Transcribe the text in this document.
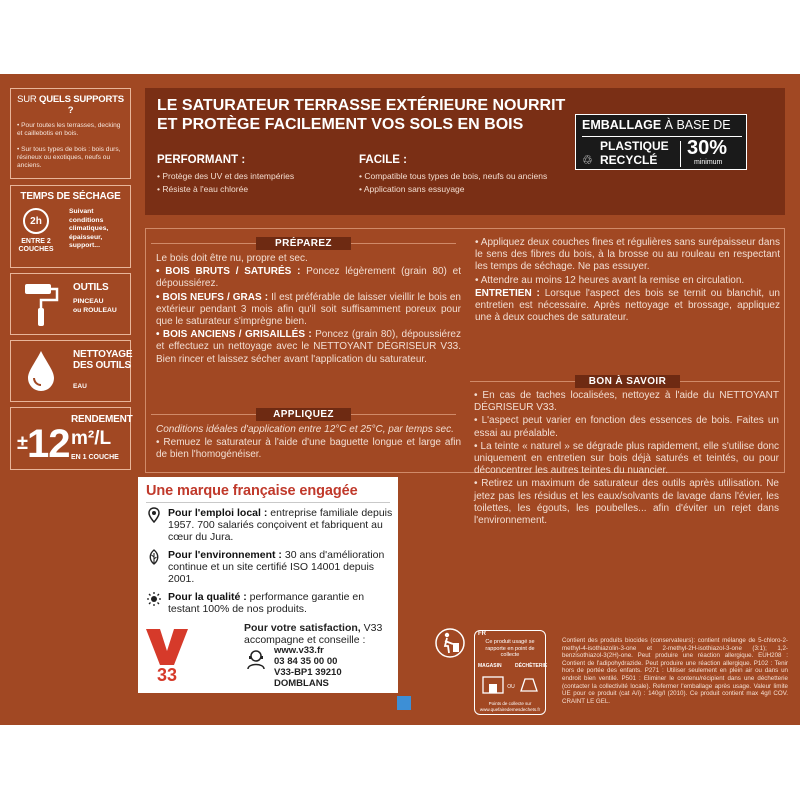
SUR QUELS SUPPORTS ?
• Pour toutes les terrasses, decking et caillebotis en bois.
• Sur tous types de bois : bois durs, résineux ou exotiques, neufs ou anciens.
TEMPS DE SÉCHAGE
2h
ENTRE 2 COUCHES
Suivant conditions climatiques, épaisseur, support...
OUTILS
PINCEAU
ou ROULEAU
NETTOYAGE
DES OUTILS
EAU
±12
RENDEMENT
m²/L
EN 1 COUCHE
LE SATURATEUR TERRASSE EXTÉRIEURE NOURRIT
ET PROTÈGE FACILEMENT VOS SOLS EN BOIS
PERFORMANT :
• Protège des UV et des intempéries
• Résiste à l'eau chlorée
FACILE :
• Compatible tous types de bois, neufs ou anciens
• Application sans essuyage
EMBALLAGE À BASE DE
PLASTIQUE
RECYCLÉ
♲
30%
minimum
PRÉPAREZ

Le bois doit être nu, propre et sec.

• BOIS BRUTS / SATURÉS : Poncez légèrement (grain 80) et dépoussiérez.

• BOIS NEUFS / GRAS : Il est préférable de laisser vieillir le bois en extérieur pendant 3 mois afin qu'il soit suffisamment poreux pour que le saturateur s'imprègne bien.

• BOIS ANCIENS / GRISAILLÉS : Poncez (grain 80), dépoussiérez et effectuez un nettoyage avec le NETTOYANT DÉGRISEUR V33. Bien rincer et laissez sécher avant l'application du saturateur.

APPLIQUEZ

Conditions idéales d'application entre 12°C et 25°C, par temps sec.

• Remuez le saturateur à l'aide d'une baguette longue et large afin de bien l'homogénéiser.

• Appliquez deux couches fines et régulières sans surépaisseur dans le sens des fibres du bois, à la brosse ou au rouleau en respectant les temps de séchage. Ne pas essuyer.

• Attendre au moins 12 heures avant la remise en circulation.

ENTRETIEN : Lorsque l'aspect des bois se ternit ou blanchit, un entretien est nécessaire. Après nettoyage et brossage, appliquez une à deux couches de saturateur.

BON À SAVOIR

• En cas de taches localisées, nettoyez à l'aide du NETTOYANT DÉGRISEUR V33.

• L'aspect peut varier en fonction des essences de bois. Faites un essai au préalable.

• La teinte « naturel » se dégrade plus rapidement, elle s'utilise donc uniquement en entretien sur bois déjà saturés et teintés, ou pour déconcentrer les autres teintes du nuancier.

• Retirez un maximum de saturateur des outils après utilisation. Ne jetez pas les résidus et les eaux/solvants de lavage dans l'évier, les toilettes, les égouts, les poubelles... afin d'éviter un rejet dans l'environnement.

Une marque française engagée
Pour l'emploi local : entreprise familiale depuis 1957. 700 salariés conçoivent et fabriquent au cœur du Jura.
Pour l'environnement : 30 ans d'amélioration continue et un site certifié ISO 14001 depuis 2001.
Pour la qualité : performance garantie en testant 100% de nos produits.
33
Pour votre satisfaction, V33 accompagne et conseille :
www.v33.fr
03 84 35 00 00
V33-BP1 39210 DOMBLANS
FR
Ce produit usagé se rapporte en point de collecte
MAGASIN	DÉCHÈTERIE
OU
Points de collecte sur www.quefairedemesdechets.fr
Contient des produits biocides (conservateurs): contient mélange de 5-chloro-2-methyl-4-isothiazolin-3-one et 2-methyl-2H-isothiazol-3-one (3:1); 1,2-benzisothiazol-3(2H)-one. Peut produire une réaction allergique. EUH208 : Contient de l'adipohydrazide. Peut produire une réaction allergique. P102 : Tenir hors de portée des enfants. P271 : Utiliser seulement en plein air ou dans un endroit bien ventilé. P501 : Eliminer le contenu/récipient dans une déchetterie (contacter la collectivité locale). Refermer l'emballage après usage. Valeur limite UE pour ce produit (cat A/i) : 140g/l (2010). Ce produit contient max 4g/l COV. CRAINT LE GEL.
